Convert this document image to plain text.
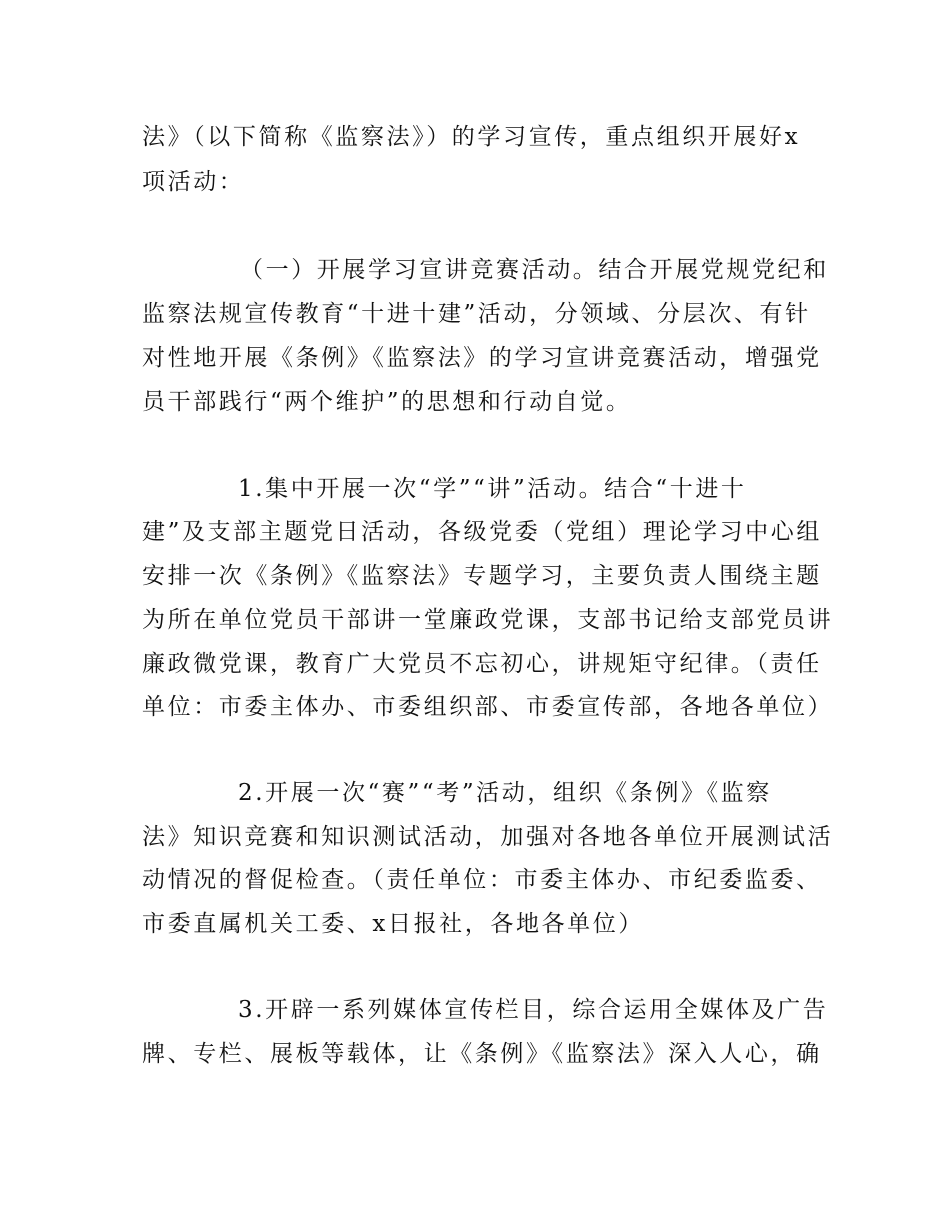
法》（以下简称《监察法》）的学习宣传，重点组织开展好x
项活动：
（一）开展学习宣讲竞赛活动。结合开展党规党纪和
监察法规宣传教育“十进十建”活动，分领域、分层次、有针
对性地开展《条例》《监察法》的学习宣讲竞赛活动，增强党
员干部践行“两个维护”的思想和行动自觉。
1.集中开展一次“学”“讲”活动。结合“十进十
建”及支部主题党日活动，各级党委（党组）理论学习中心组
安排一次《条例》《监察法》专题学习，主要负责人围绕主题
为所在单位党员干部讲一堂廉政党课，支部书记给支部党员讲
廉政微党课，教育广大党员不忘初心，讲规矩守纪律。（责任
单位：市委主体办、市委组织部、市委宣传部，各地各单位）
2.开展一次“赛”“考”活动，组织《条例》《监察
法》知识竞赛和知识测试活动，加强对各地各单位开展测试活
动情况的督促检查。（责任单位：市委主体办、市纪委监委、
市委直属机关工委、x日报社，各地各单位）
3.开辟一系列媒体宣传栏目，综合运用全媒体及广告
牌、专栏、展板等载体，让《条例》《监察法》深入人心，确
